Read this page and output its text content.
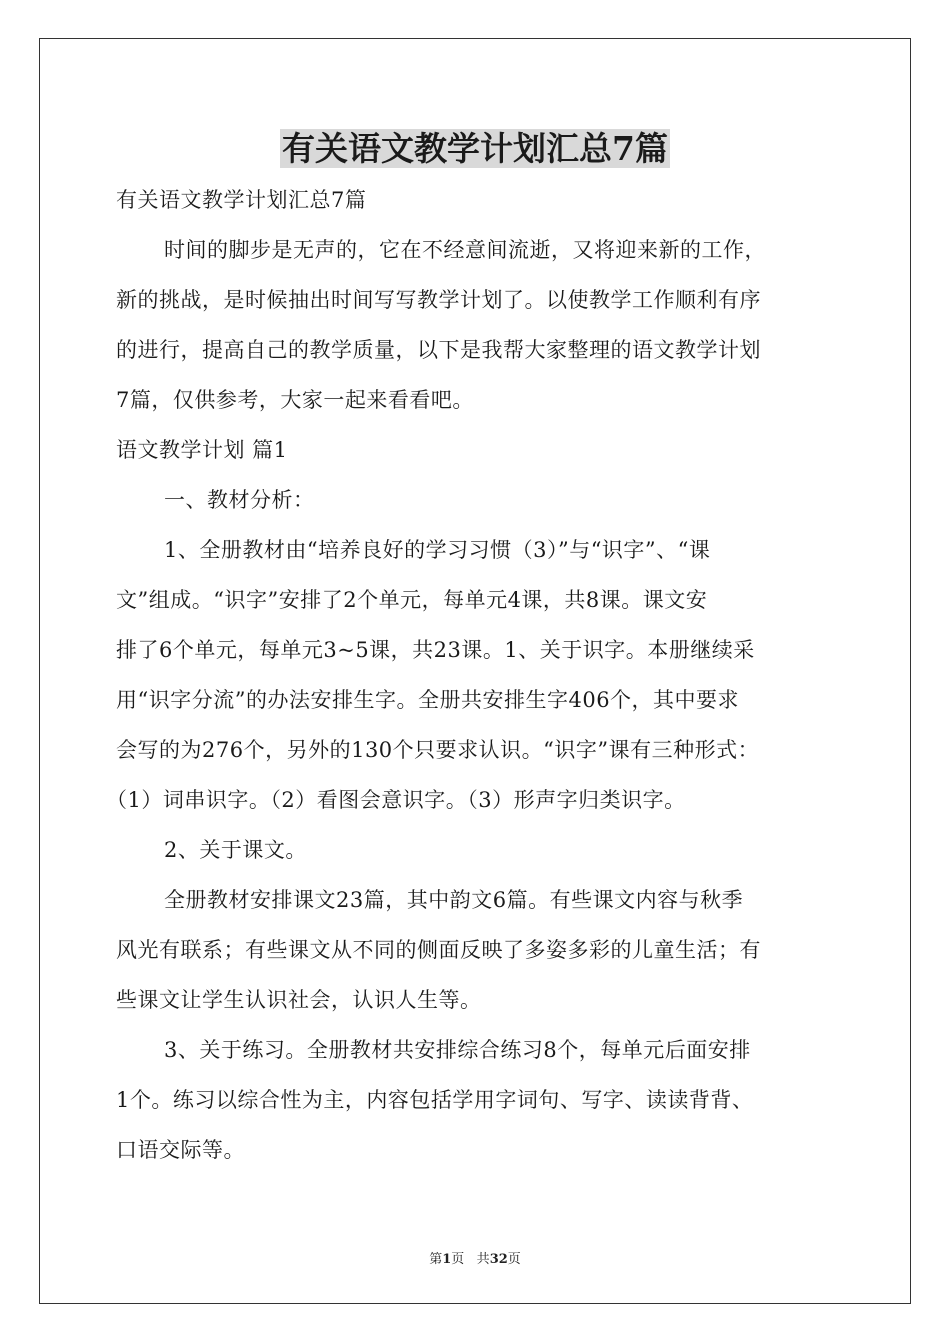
有关语文教学计划汇总7篇
有关语文教学计划汇总7篇
时间的脚步是无声的，它在不经意间流逝，又将迎来新的工作，
新的挑战，是时候抽出时间写写教学计划了。以使教学工作顺利有序
的进行，提高自己的教学质量，以下是我帮大家整理的语文教学计划
7篇，仅供参考，大家一起来看看吧。
语文教学计划 篇1
一、教材分析：
1、全册教材由“培养良好的学习习惯（3）”与“识字”、“课
文”组成。“识字”安排了2个单元，每单元4课，共8课。课文安
排了6个单元，每单元3~5课，共23课。1、关于识字。本册继续采
用“识字分流”的办法安排生字。全册共安排生字406个，其中要求
会写的为276个，另外的130个只要求认识。“识字”课有三种形式：
（1）词串识字。（2）看图会意识字。（3）形声字归类识字。
2、关于课文。
全册教材安排课文23篇，其中韵文6篇。有些课文内容与秋季
风光有联系；有些课文从不同的侧面反映了多姿多彩的儿童生活；有
些课文让学生认识社会，认识人生等。
3、关于练习。全册教材共安排综合练习8个，每单元后面安排
1个。练习以综合性为主，内容包括学用字词句、写字、读读背背、
口语交际等。
第1页 共32页
